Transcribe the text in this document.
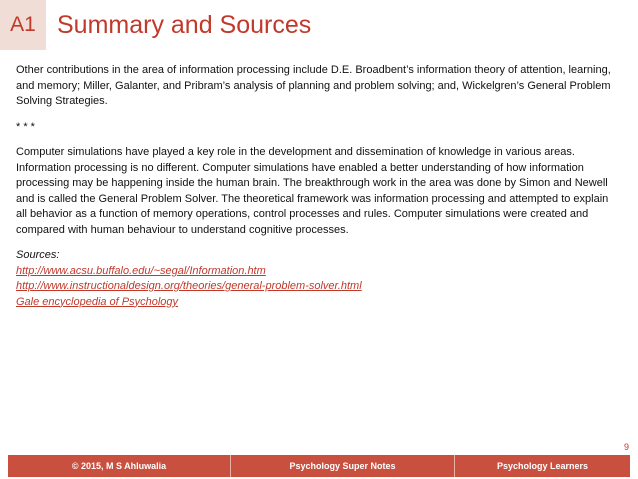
A1 Summary and Sources

Other contributions in the area of information processing include D.E. Broadbent’s information theory of attention, learning, and memory; Miller, Galanter, and Pribram’s analysis of planning and problem solving; and, Wickelgren’s General Problem Solving Strategies.

* * *

Computer simulations have played a key role in the development and dissemination of knowledge in various areas. Information processing is no different. Computer simulations have enabled a better understanding of how information processing may be happening inside the human brain. The breakthrough work in the area was done by Simon and Newell and is called the General Problem Solver. The theoretical framework was information processing and attempted to explain all behavior as a function of memory operations, control processes and rules. Computer simulations were created and compared with human behaviour to understand cognitive processes.

Sources:

http://www.acsu.buffalo.edu/~segal/Information.htm
http://www.instructionaldesign.org/theories/general-problem-solver.html
Gale encyclopedia of Psychology
9
© 2015, M S Ahluwalia	Psychology Super Notes	Psychology Learners
